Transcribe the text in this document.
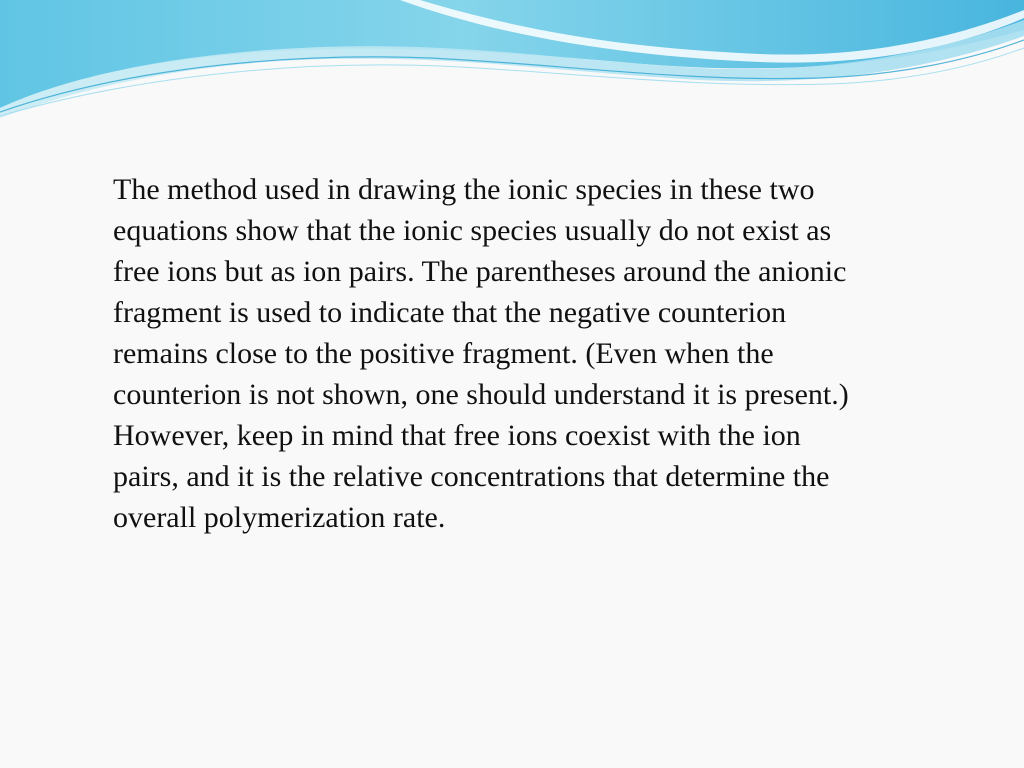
The method used in drawing the ionic species in these two
equations show that the ionic species usually do not exist as
free ions but as ion pairs. The parentheses around the anionic
fragment is used to indicate that the negative counterion
remains close to the positive fragment. (Even when the
counterion is not shown, one should understand it is present.)
However, keep in mind that free ions coexist with the ion
pairs, and it is the relative concentrations that determine the
overall polymerization rate.
